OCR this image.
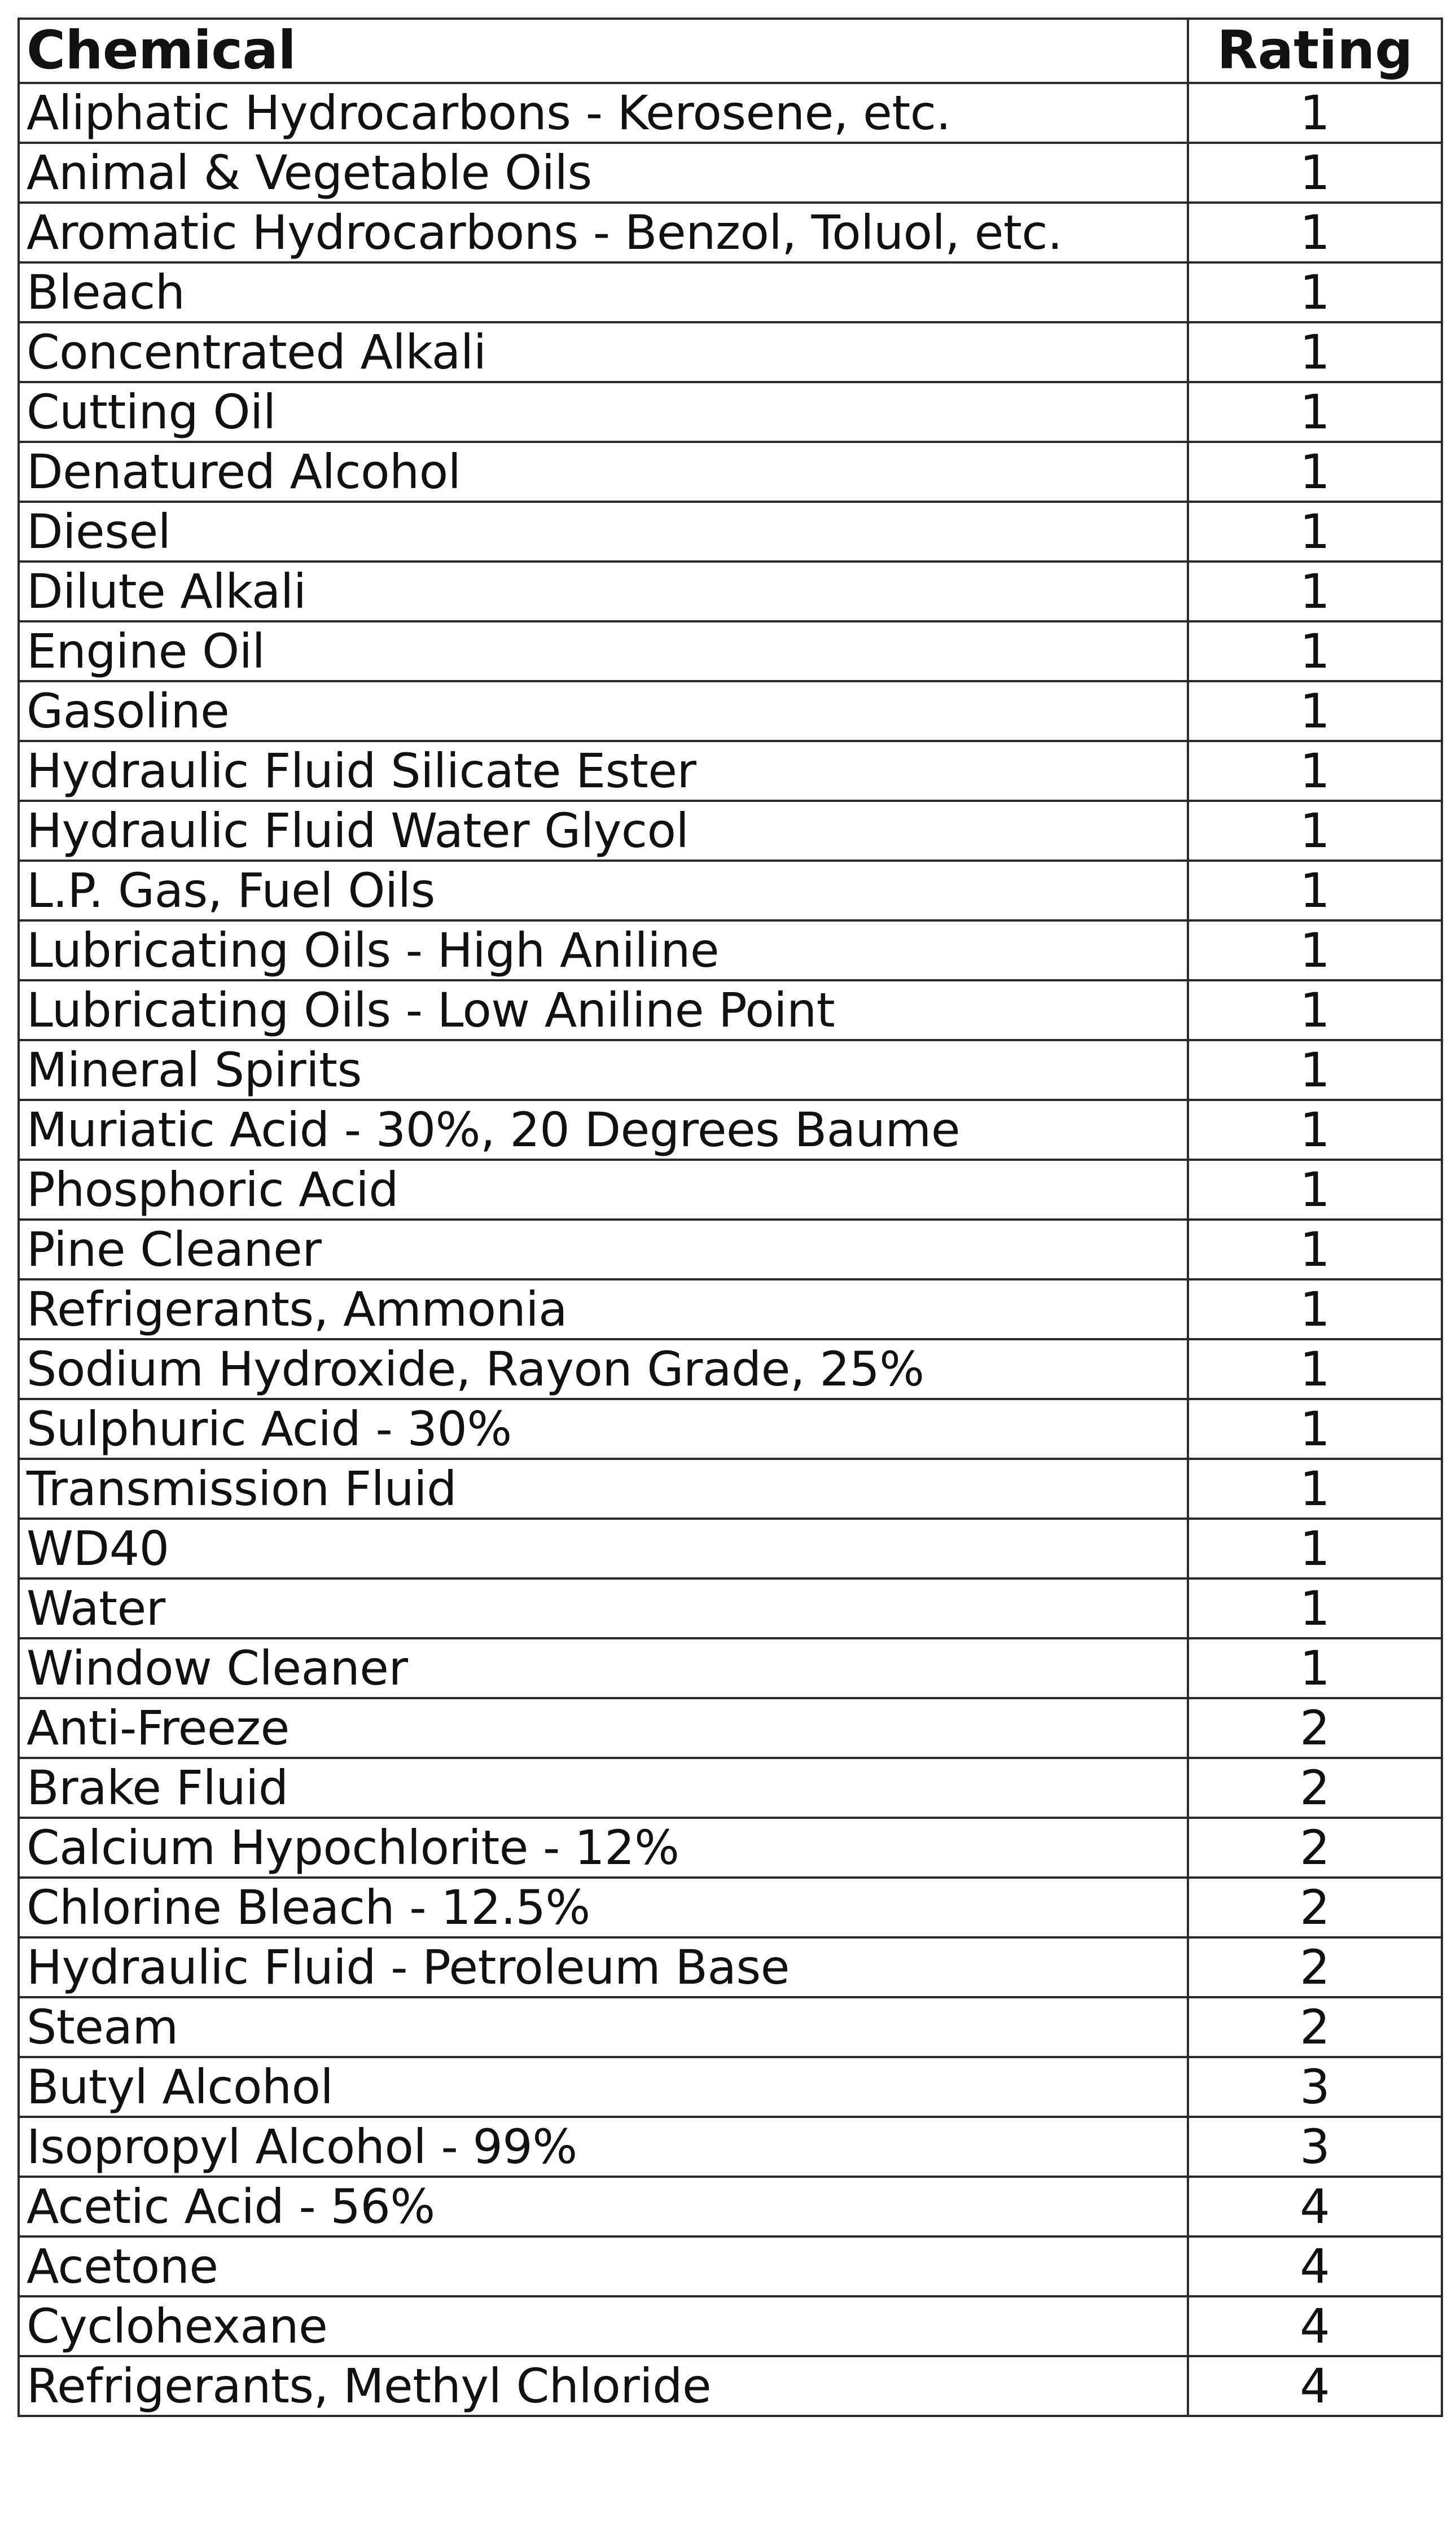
Chemical	Rating
Aliphatic Hydrocarbons - Kerosene, etc.	1
Animal & Vegetable Oils	1
Aromatic Hydrocarbons - Benzol, Toluol, etc.	1
Bleach	1
Concentrated Alkali	1
Cutting Oil	1
Denatured Alcohol	1
Diesel	1
Dilute Alkali	1
Engine Oil	1
Gasoline	1
Hydraulic Fluid Silicate Ester	1
Hydraulic Fluid Water Glycol	1
L.P. Gas, Fuel Oils	1
Lubricating Oils - High Aniline	1
Lubricating Oils - Low Aniline Point	1
Mineral Spirits	1
Muriatic Acid - 30%, 20 Degrees Baume	1
Phosphoric Acid	1
Pine Cleaner	1
Refrigerants, Ammonia	1
Sodium Hydroxide, Rayon Grade, 25%	1
Sulphuric Acid - 30%	1
Transmission Fluid	1
WD40	1
Water	1
Window Cleaner	1
Anti-Freeze	2
Brake Fluid	2
Calcium Hypochlorite - 12%	2
Chlorine Bleach - 12.5%	2
Hydraulic Fluid - Petroleum Base	2
Steam	2
Butyl Alcohol	3
Isopropyl Alcohol - 99%	3
Acetic Acid - 56%	4
Acetone	4
Cyclohexane	4
Refrigerants, Methyl Chloride	4
